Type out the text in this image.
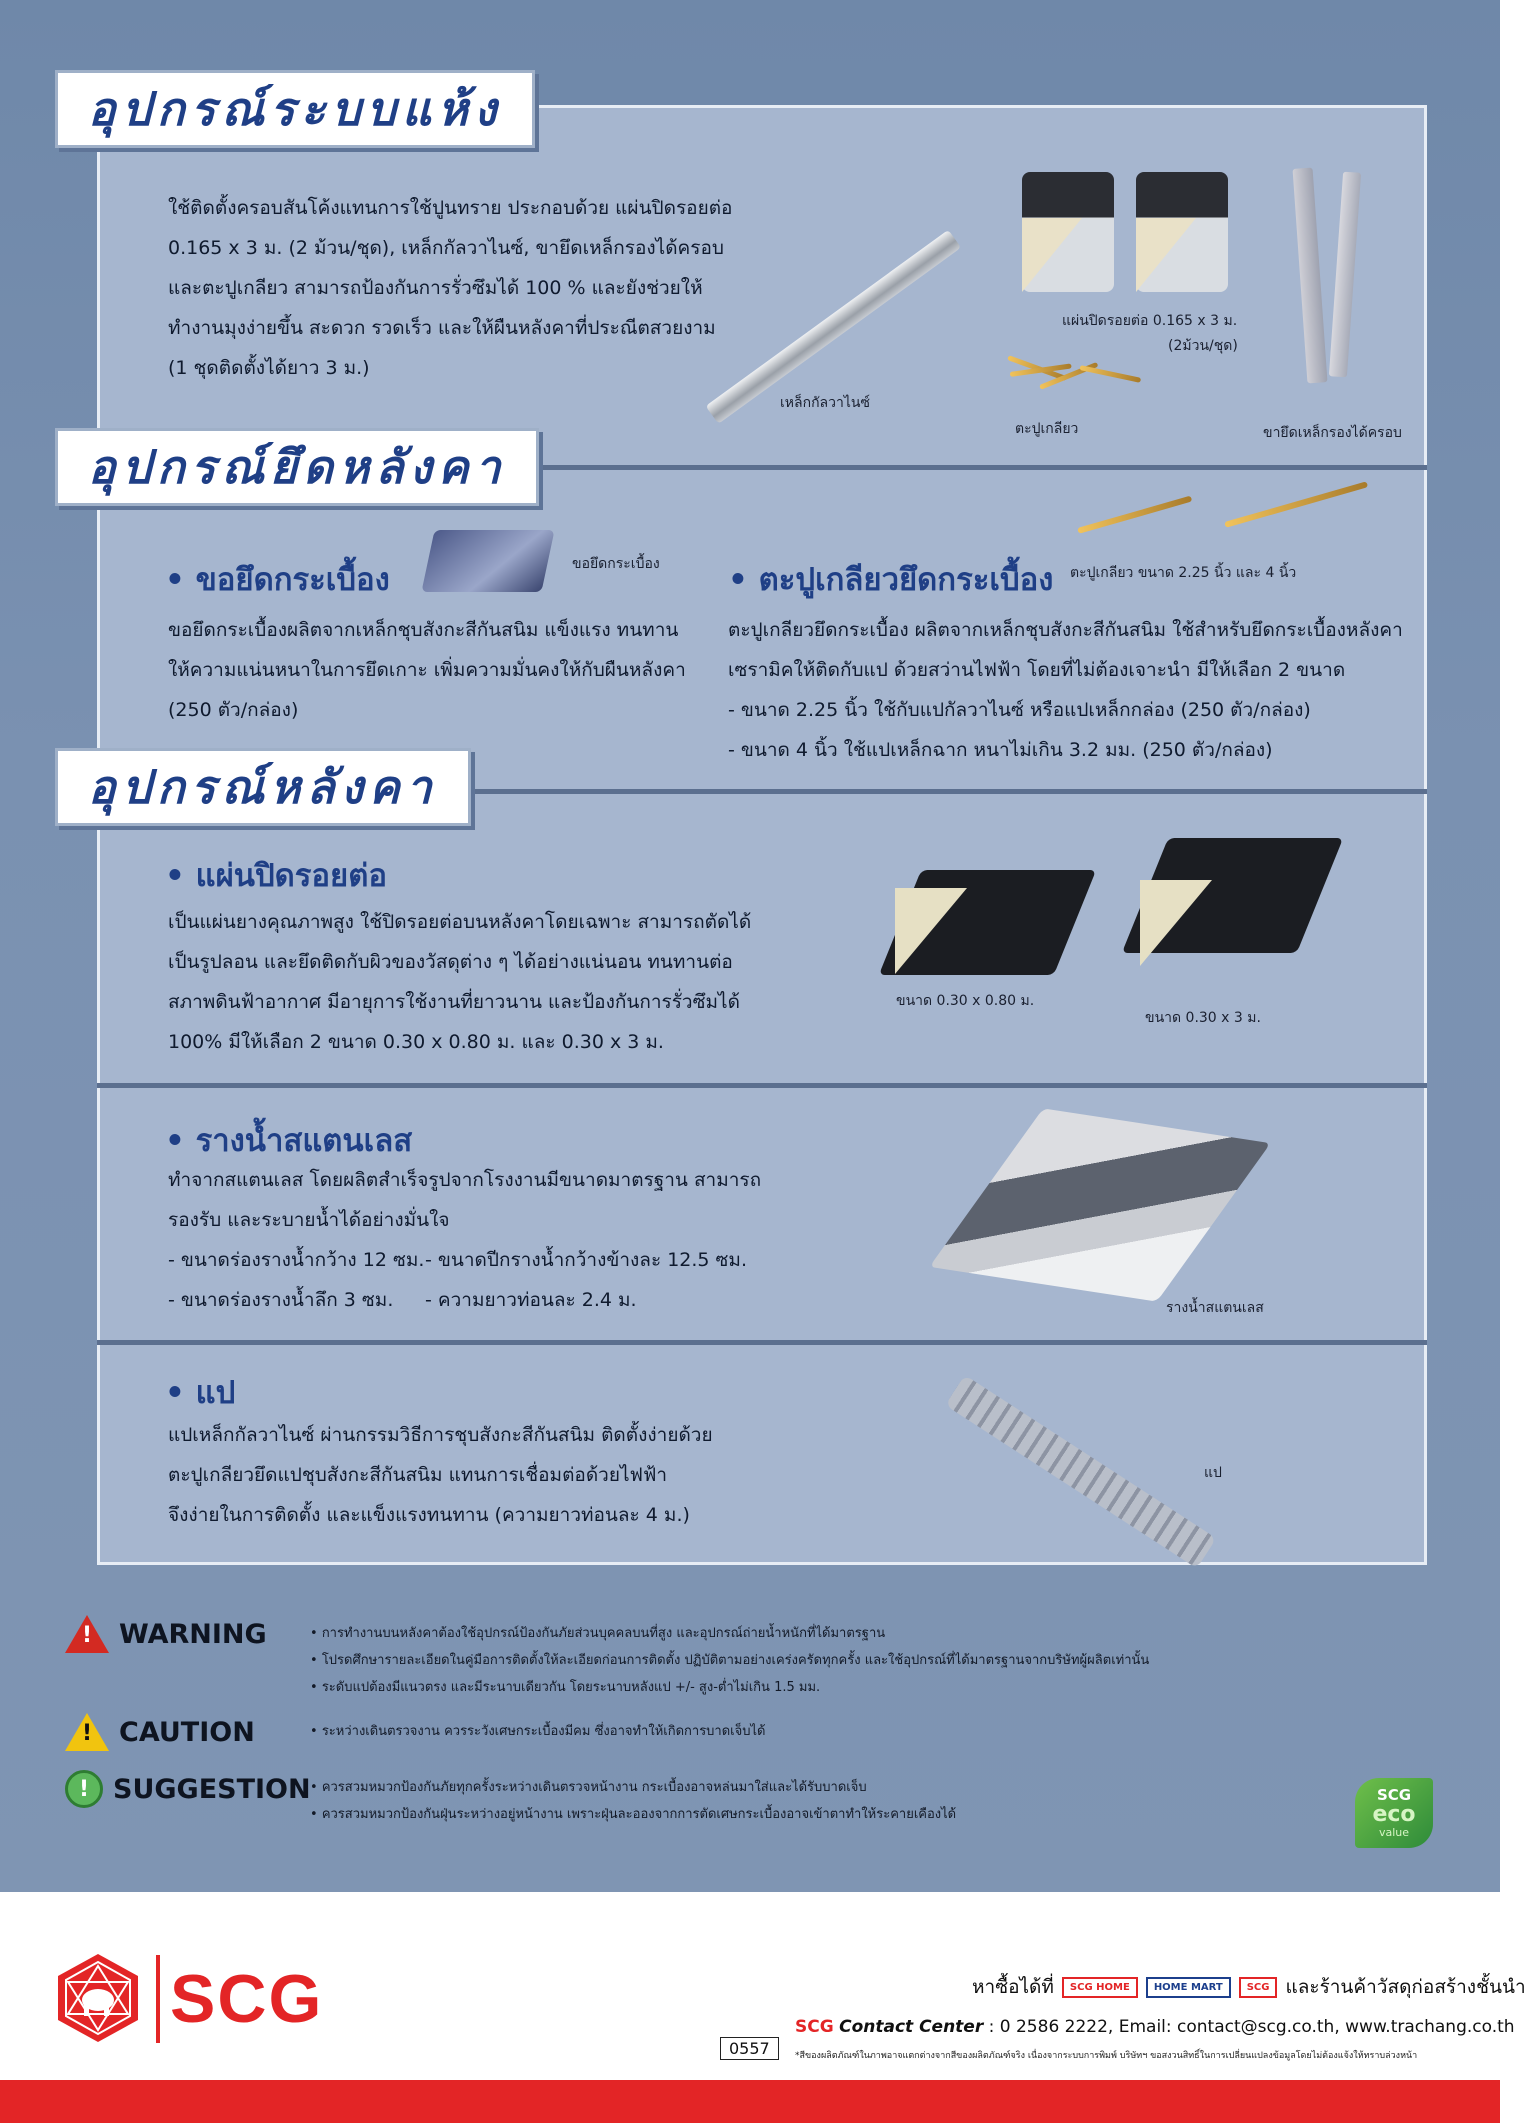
อุปกรณ์ระบบแห้ง

ใช้ติดตั้งครอบสันโค้งแทนการใช้ปูนทราย ประกอบด้วย แผ่นปิดรอยต่อ

0.165 x 3 ม. (2 ม้วน/ชุด), เหล็กกัลวาไนซ์, ขายึดเหล็กรองได้ครอบ

และตะปูเกลียว สามารถป้องกันการรั่วซึมได้ 100 % และยังช่วยให้

ทำงานมุงง่ายขึ้น สะดวก รวดเร็ว และให้ผืนหลังคาที่ประณีตสวยงาม

(1 ชุดติดตั้งได้ยาว 3 ม.)

เหล็กกัลวาไนซ์
แผ่นปิดรอยต่อ 0.165 x 3 ม.
(2ม้วน/ชุด)
ตะปูเกลียว	ขายึดเหล็กรองได้ครอบ
อุปกรณ์ยึดหลังคา
• ขอยึดกระเบื้อง	ขอยึดกระเบื้อง

ขอยึดกระเบื้องผลิตจากเหล็กชุบสังกะสีกันสนิม แข็งแรง ทนทาน

ให้ความแน่นหนาในการยึดเกาะ เพิ่มความมั่นคงให้กับผืนหลังคา

(250 ตัว/กล่อง)

• ตะปูเกลียวยึดกระเบื้อง ตะปูเกลียว ขนาด 2.25 นิ้ว และ 4 นิ้ว

ตะปูเกลียวยึดกระเบื้อง ผลิตจากเหล็กชุบสังกะสีกันสนิม ใช้สำหรับยึดกระเบื้องหลังคา

เซรามิคให้ติดกับแป ด้วยสว่านไฟฟ้า โดยที่ไม่ต้องเจาะนำ มีให้เลือก 2 ขนาด

- ขนาด 2.25 นิ้ว ใช้กับแปกัลวาไนซ์ หรือแปเหล็กกล่อง (250 ตัว/กล่อง)

- ขนาด 4 นิ้ว ใช้แปเหล็กฉาก หนาไม่เกิน 3.2 มม. (250 ตัว/กล่อง)

อุปกรณ์หลังคา
• แผ่นปิดรอยต่อ

เป็นแผ่นยางคุณภาพสูง ใช้ปิดรอยต่อบนหลังคาโดยเฉพาะ สามารถตัดได้

เป็นรูปลอน และยึดติดกับผิวของวัสดุต่าง ๆ ได้อย่างแน่นอน ทนทานต่อ

สภาพดินฟ้าอากาศ มีอายุการใช้งานที่ยาวนาน และป้องกันการรั่วซึมได้

100% มีให้เลือก 2 ขนาด 0.30 x 0.80 ม. และ 0.30 x 3 ม.

ขนาด 0.30 x 0.80 ม.
ขนาด 0.30 x 3 ม.
• รางน้ำสแตนเลส

ทำจากสแตนเลส โดยผลิตสำเร็จรูปจากโรงงานมีขนาดมาตรฐาน สามารถ

รองรับ และระบายน้ำได้อย่างมั่นใจ

- ขนาดร่องรางน้ำกว้าง 12 ซม.

- ขนาดร่องรางน้ำลึก 3 ซม.

- ขนาดปีกรางน้ำกว้างข้างละ 12.5 ซม.

- ความยาวท่อนละ 2.4 ม.	รางน้ำสแตนเลส
• แป

แปเหล็กกัลวาไนซ์ ผ่านกรรมวิธีการชุบสังกะสีกันสนิม ติดตั้งง่ายด้วย

ตะปูเกลียวยึดแปชุบสังกะสีกันสนิม แทนการเชื่อมต่อด้วยไฟฟ้า

จึงง่ายในการติดตั้ง และแข็งแรงทนทาน (ความยาวท่อนละ 4 ม.)

แป
! WARNING	• การทำงานบนหลังคาต้องใช้อุปกรณ์ป้องกันภัยส่วนบุคคลบนที่สูง และอุปกรณ์ถ่ายน้ำหนักที่ได้มาตรฐาน

• โปรดศึกษารายละเอียดในคู่มือการติดตั้งให้ละเอียดก่อนการติดตั้ง ปฏิบัติตามอย่างเคร่งครัดทุกครั้ง และใช้อุปกรณ์ที่ได้มาตรฐานจากบริษัทผู้ผลิตเท่านั้น

• ระดับแปต้องมีแนวตรง และมีระนาบเดียวกัน โดยระนาบหลังแป +/- สูง-ต่ำไม่เกิน 1.5 มม.

! CAUTION	• ระหว่างเดินตรวจงาน ควรระวังเศษกระเบื้องมีคม ซึ่งอาจทำให้เกิดการบาดเจ็บได้

! SUGGESTION • ควรสวมหมวกป้องกันภัยทุกครั้งระหว่างเดินตรวจหน้างาน กระเบื้องอาจหล่นมาใส่และได้รับบาดเจ็บ

• ควรสวมหมวกป้องกันฝุ่นระหว่างอยู่หน้างาน เพราะฝุ่นละอองจากการตัดเศษกระเบื้องอาจเข้าตาทำให้ระคายเคืองได้

SCG
eco
value
SCG	หาซื้อได้ที่	SCG HOME	HOME MART	SCG และร้านค้าวัสดุก่อสร้างชั้นนำ
SCG Contact Center : 0 2586 2222, Email: contact@scg.co.th, www.trachang.co.th
0557	*สีของผลิตภัณฑ์ในภาพอาจแตกต่างจากสีของผลิตภัณฑ์จริง เนื่องจากระบบการพิมพ์ บริษัทฯ ขอสงวนสิทธิ์ในการเปลี่ยนแปลงข้อมูลโดยไม่ต้องแจ้งให้ทราบล่วงหน้า
